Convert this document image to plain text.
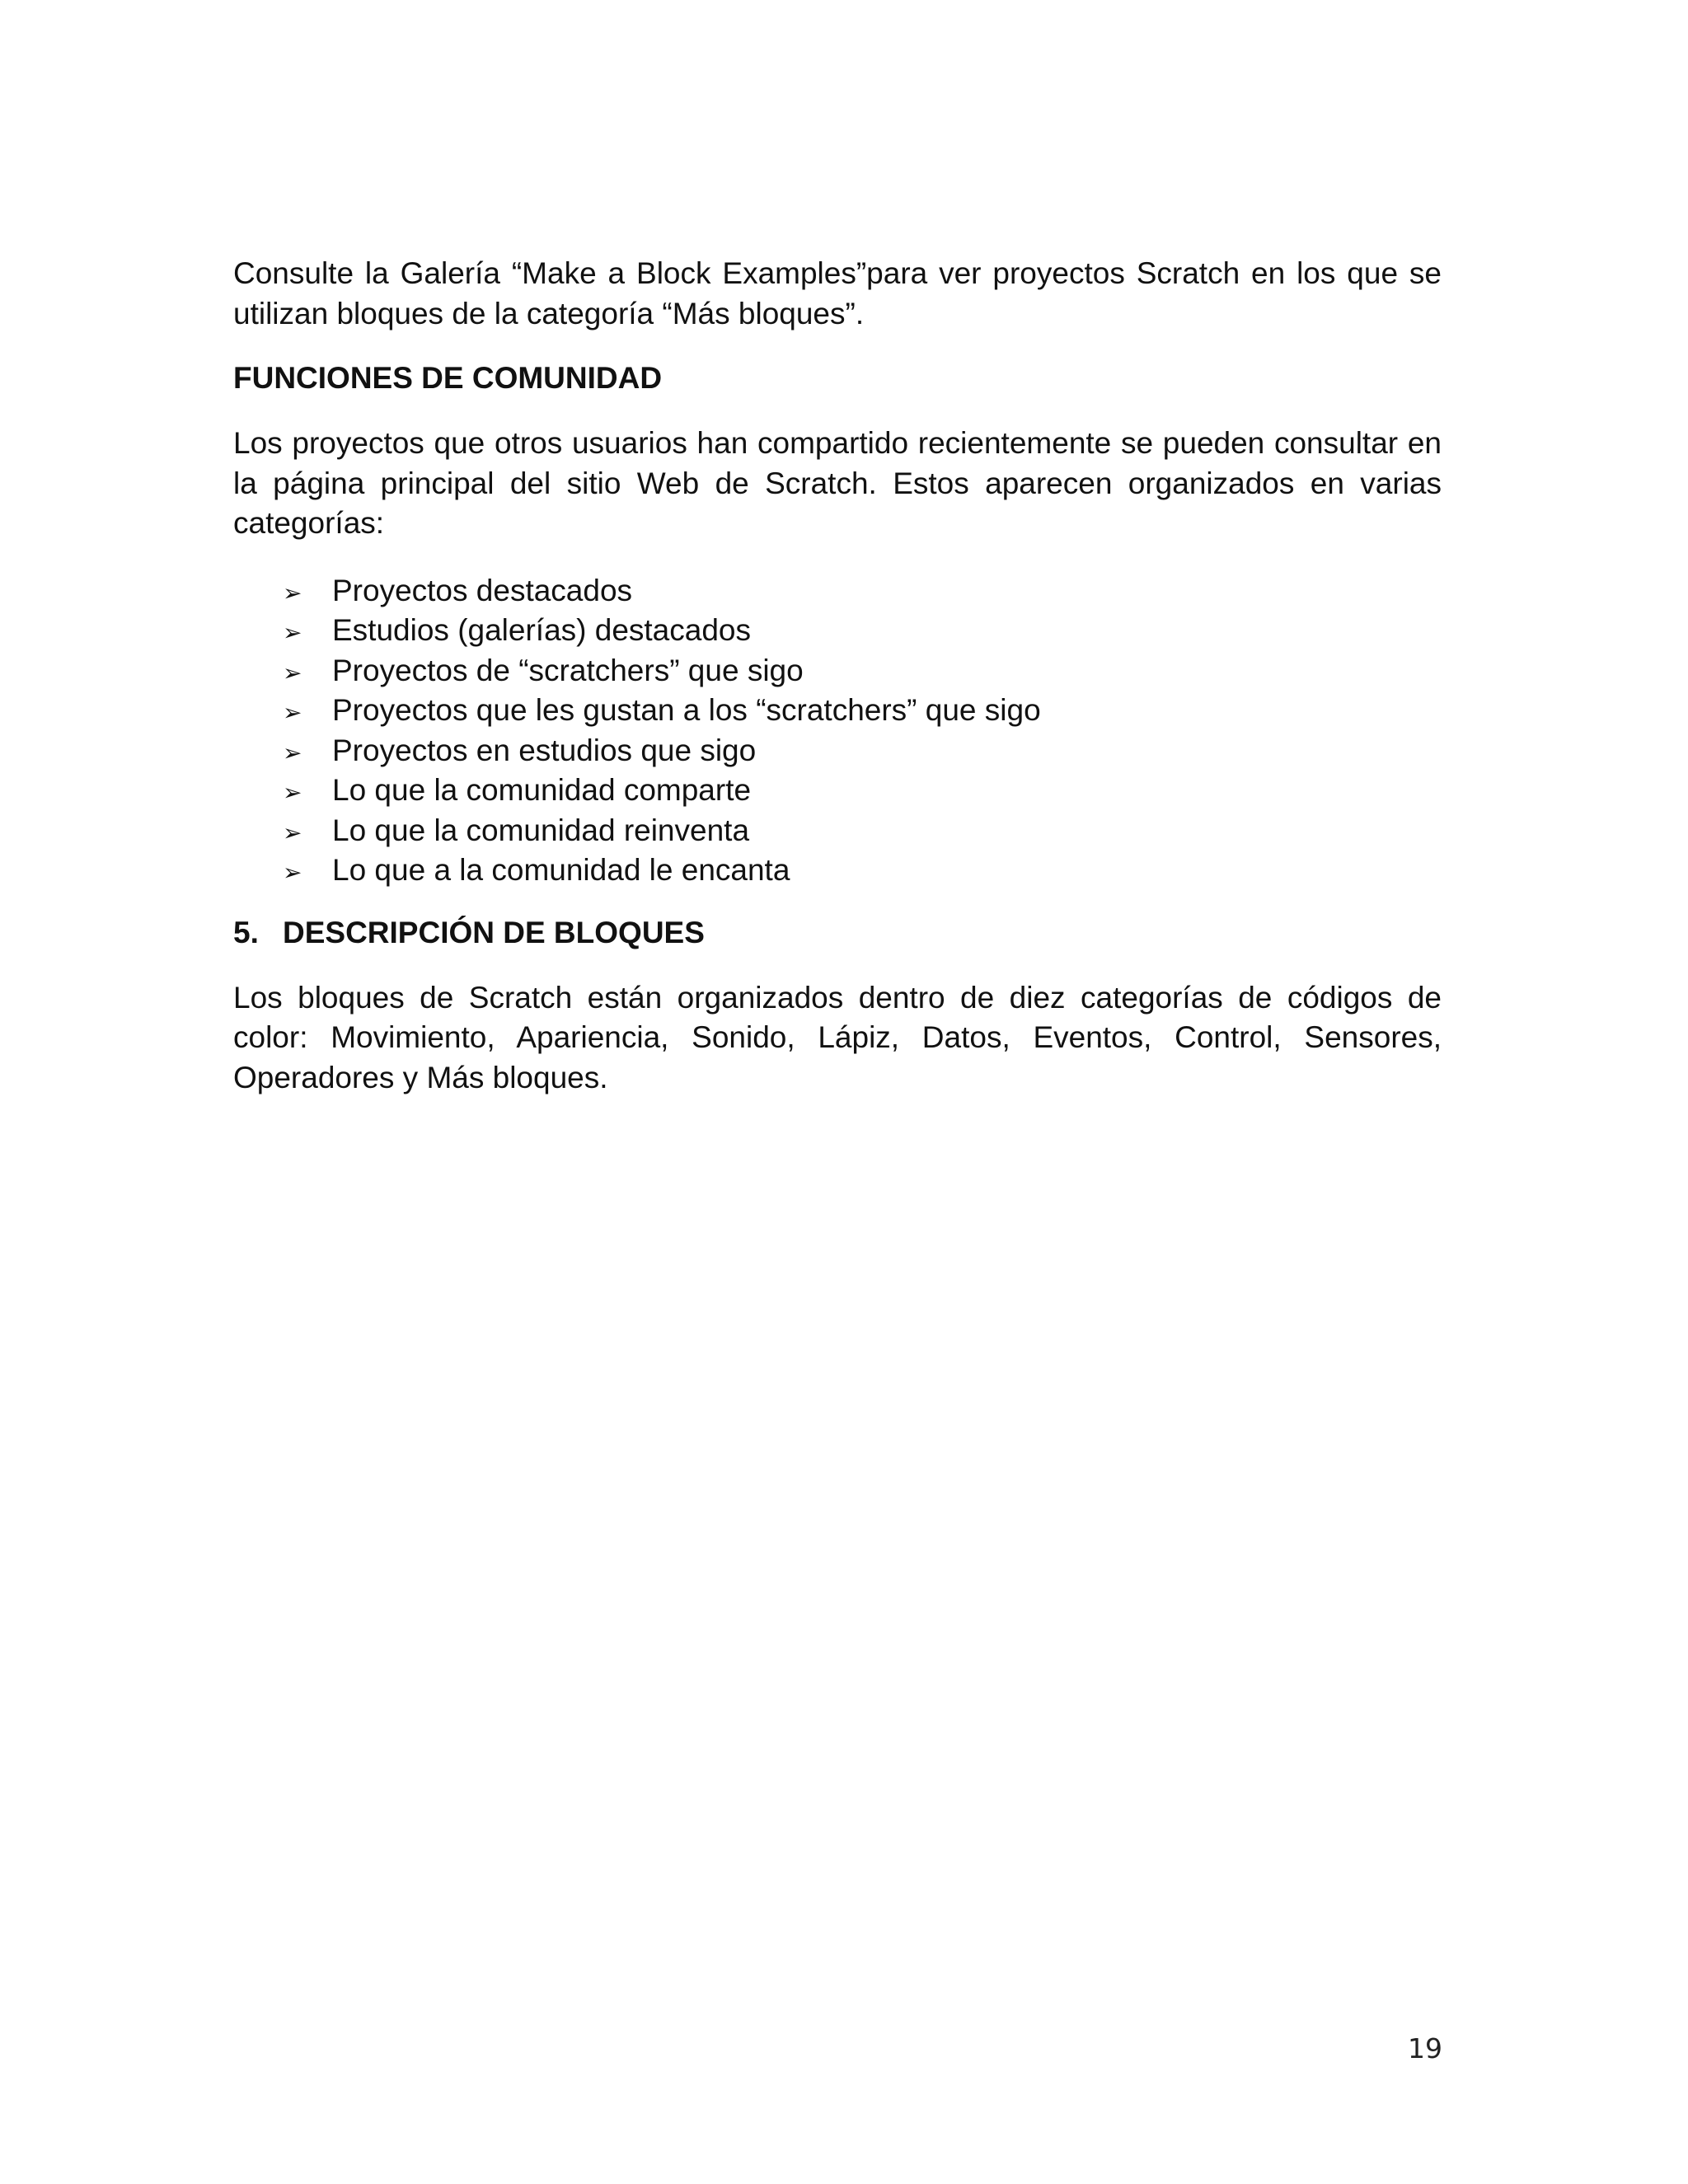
Consulte la Galería “Make a Block Examples”para ver proyectos Scratch en los que se utilizan bloques de la categoría “Más bloques”.

FUNCIONES DE COMUNIDAD

Los proyectos que otros usuarios han compartido recientemente se pueden consultar en la página principal del sitio Web de Scratch. Estos aparecen organizados en varias categorías:

➢ Proyectos destacados
➢ Estudios (galerías) destacados
➢ Proyectos de “scratchers” que sigo
➢ Proyectos que les gustan a los “scratchers” que sigo
➢ Proyectos en estudios que sigo
➢ Lo que la comunidad comparte
➢ Lo que la comunidad reinventa
➢ Lo que a la comunidad le encanta
5. DESCRIPCIÓN DE BLOQUES

Los bloques de Scratch están organizados dentro de diez categorías de códigos de color: Movimiento, Apariencia, Sonido, Lápiz, Datos, Eventos, Control, Sensores, Operadores y Más bloques.

19
